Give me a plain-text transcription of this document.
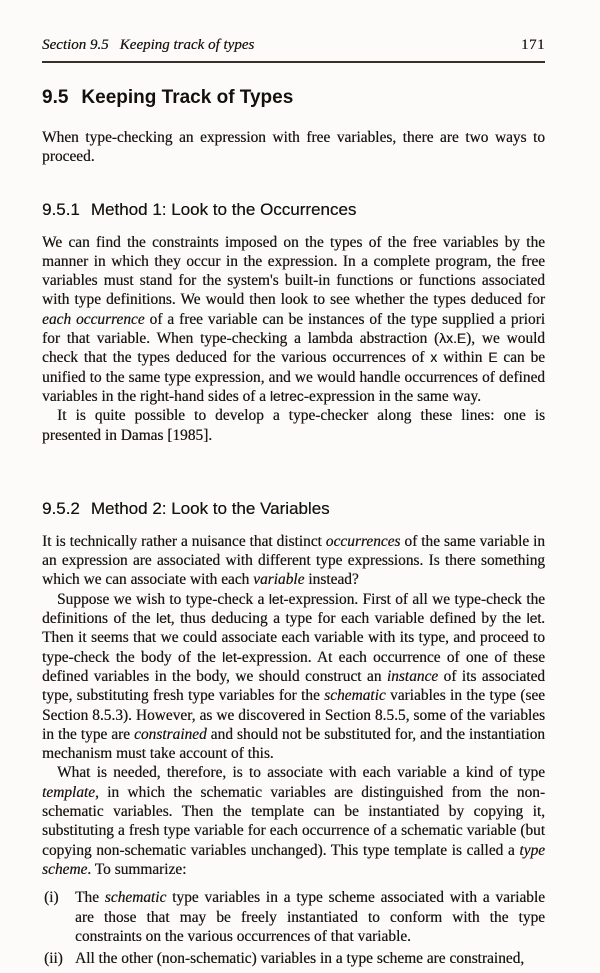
Section 9.5 Keeping track of types	171
9.5 Keeping Track of Types
When type-checking an expression with free variables, there are two ways to proceed.
9.5.1 Method 1: Look to the Occurrences
We can find the constraints imposed on the types of the free variables by the manner in which they occur in the expression. In a complete program, the free variables must stand for the system's built-in functions or functions associated with type definitions. We would then look to see whether the types deduced for each occurrence of a free variable can be instances of the type supplied a priori for that variable. When type-checking a lambda abstraction (λx.E), we would check that the types deduced for the various occurrences of x within E can be unified to the same type expression, and we would handle occurrences of defined variables in the right-hand sides of a letrec-expression in the same way.
It is quite possible to develop a type-checker along these lines: one is presented in Damas [1985].
9.5.2 Method 2: Look to the Variables
It is technically rather a nuisance that distinct occurrences of the same variable in an expression are associated with different type expressions. Is there something which we can associate with each variable instead?
Suppose we wish to type-check a let-expression. First of all we type-check the definitions of the let, thus deducing a type for each variable defined by the let. Then it seems that we could associate each variable with its type, and proceed to type-check the body of the let-expression. At each occurrence of one of these defined variables in the body, we should construct an instance of its associated type, substituting fresh type variables for the schematic variables in the type (see Section 8.5.3). However, as we discovered in Section 8.5.5, some of the variables in the type are constrained and should not be substituted for, and the instantiation mechanism must take account of this.
What is needed, therefore, is to associate with each variable a kind of type template, in which the schematic variables are distinguished from the non-schematic variables. Then the template can be instantiated by copying it, substituting a fresh type variable for each occurrence of a schematic variable (but copying non-schematic variables unchanged). This type template is called a type scheme. To summarize:
(i)	The schematic type variables in a type scheme associated with a variable are those that may be freely instantiated to conform with the type constraints on the various occurrences of that variable.
(ii) All the other (non-schematic) variables in a type scheme are constrained,
